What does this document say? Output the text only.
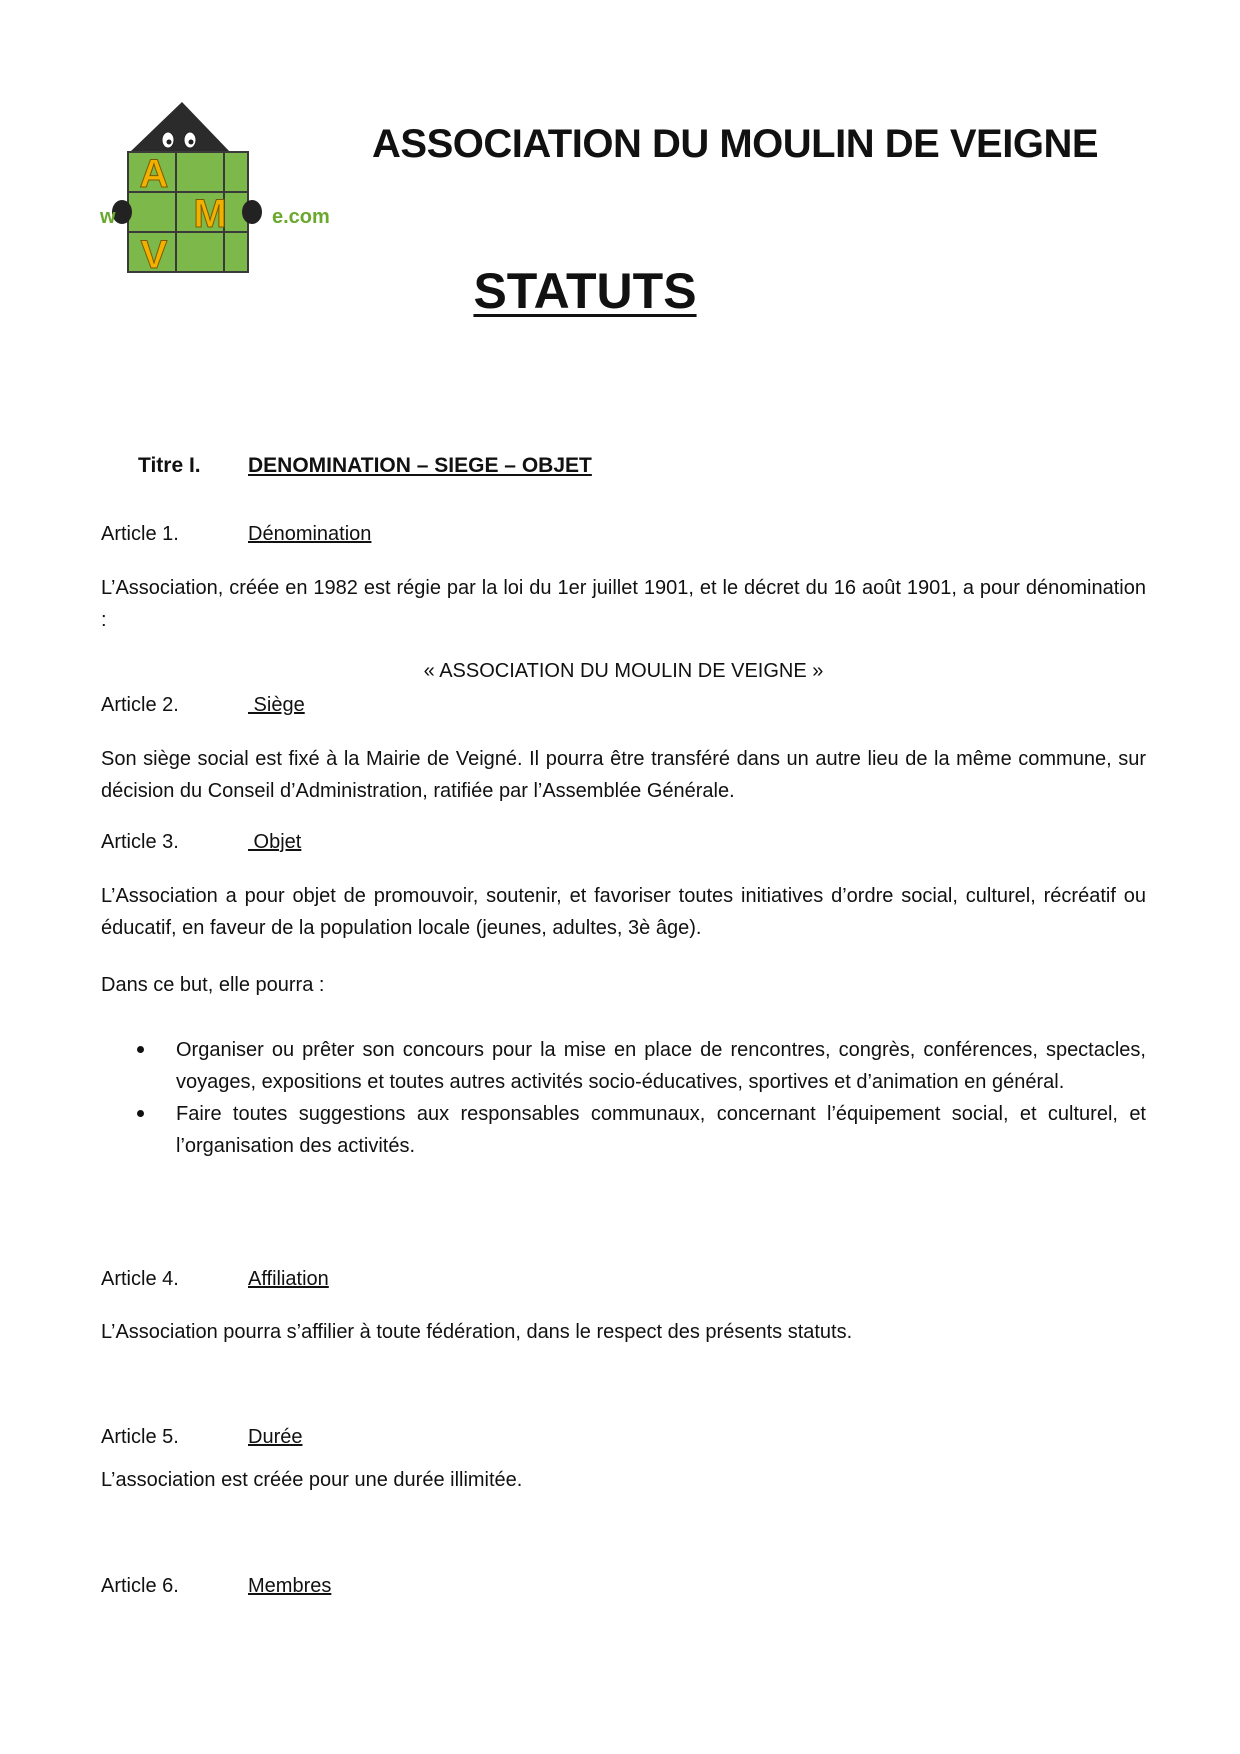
A
M
V
w	e.com
ASSOCIATION DU MOULIN DE VEIGNE
STATUTS
Titre I. DENOMINATION – SIEGE – OBJET
Article 1.	Dénomination
L’Association, créée en 1982 est régie par la loi du 1er juillet 1901, et le décret du 16 août 1901, a pour dénomination :
« ASSOCIATION DU MOULIN DE VEIGNE »
Article 2.	Siège
Son siège social est fixé à la Mairie de Veigné. Il pourra être transféré dans un autre lieu de la même commune, sur décision du Conseil d’Administration, ratifiée par l’Assemblée Générale.
Article 3.	Objet
L’Association a pour objet de promouvoir, soutenir, et favoriser toutes initiatives d’ordre social, culturel, récréatif ou éducatif, en faveur de la population locale (jeunes, adultes, 3è âge).
Dans ce but, elle pourra :
Organiser ou prêter son concours pour la mise en place de rencontres, congrès, conférences, spectacles, voyages, expositions et toutes autres activités socio-éducatives, sportives et d’animation en général.
Faire toutes suggestions aux responsables communaux, concernant l’équipement social, et culturel, et l’organisation des activités.
Article 4.	Affiliation
L’Association pourra s’affilier à toute fédération, dans le respect des présents statuts.
Article 5.	Durée
L’association est créée pour une durée illimitée.
Article 6.	Membres
